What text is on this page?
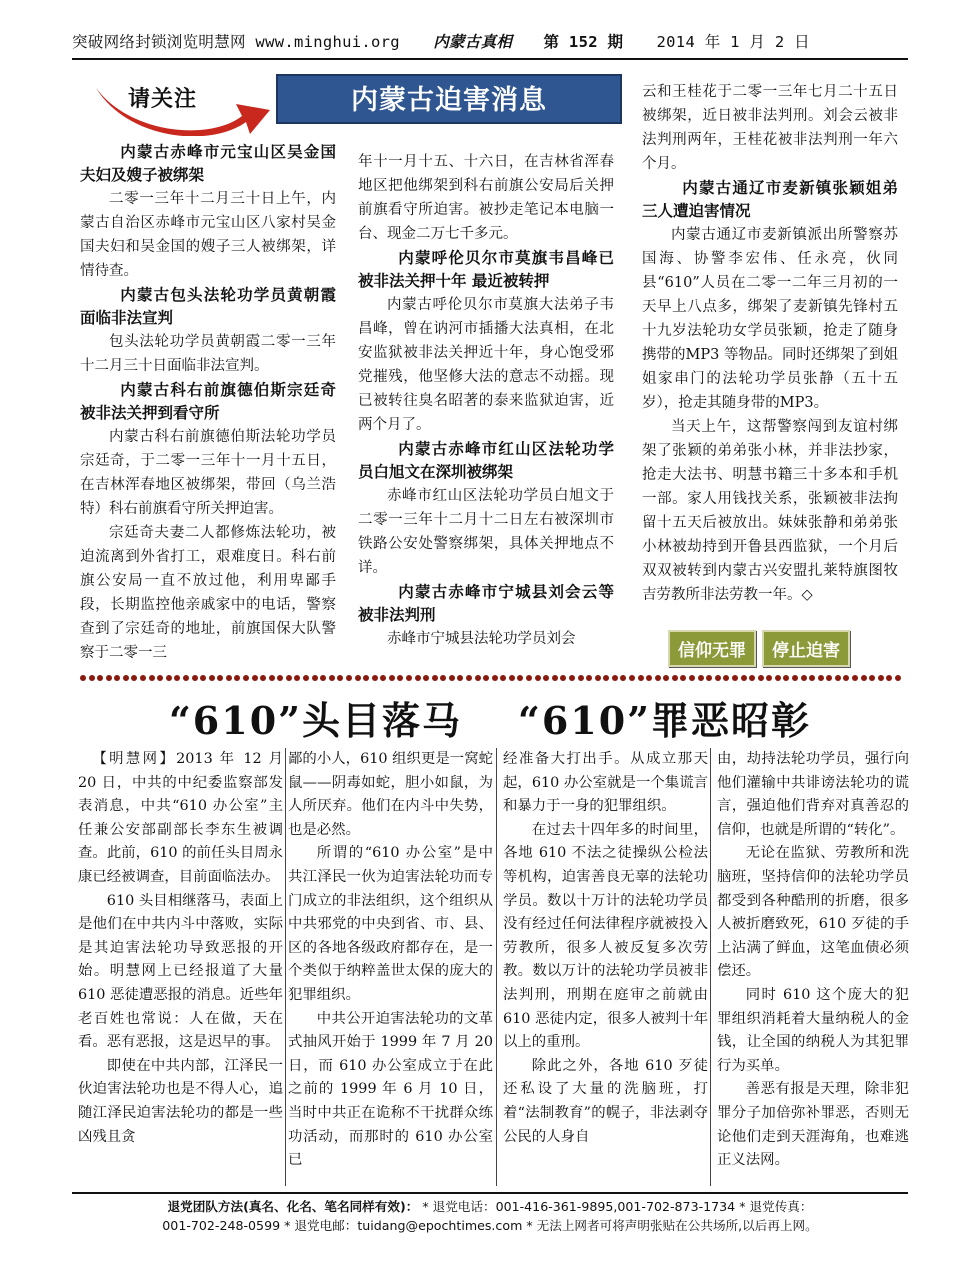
突破网络封锁浏览明慧网 www.minghui.org 内蒙古真相 第 152 期 2014 年 1 月 2 日
请关注	内蒙古迫害消息
内蒙古赤峰市元宝山区吴金国夫妇及嫂子被绑架

二零一三年十二月三十日上午，内蒙古自治区赤峰市元宝山区八家村吴金国夫妇和吴金国的嫂子三人被绑架，详情待查。

内蒙古包头法轮功学员黄朝霞面临非法宣判

包头法轮功学员黄朝霞二零一三年十二月三十日面临非法宣判。

内蒙古科右前旗德伯斯宗廷奇被非法关押到看守所

内蒙古科右前旗德伯斯法轮功学员宗廷奇，于二零一三年十一月十五日，在吉林浑春地区被绑架，带回（乌兰浩特）科右前旗看守所关押迫害。

宗廷奇夫妻二人都修炼法轮功，被迫流离到外省打工，艰难度日。科右前旗公安局一直不放过他，利用卑鄙手段，长期监控他亲戚家中的电话，警察查到了宗廷奇的地址，前旗国保大队警察于二零一三

年十一月十五、十六日，在吉林省浑春地区把他绑架到科右前旗公安局后关押前旗看守所迫害。被抄走笔记本电脑一台、现金二万七千多元。

内蒙呼伦贝尔市莫旗韦昌峰已被非法关押十年 最近被转押

内蒙古呼伦贝尔市莫旗大法弟子韦昌峰，曾在讷河市插播大法真相，在北安监狱被非法关押近十年，身心饱受邪党摧残，他坚修大法的意志不动摇。现已被转往臭名昭著的泰来监狱迫害，近两个月了。

内蒙古赤峰市红山区法轮功学员白旭文在深圳被绑架

赤峰市红山区法轮功学员白旭文于二零一三年十二月十二日左右被深圳市铁路公安处警察绑架，具体关押地点不详。

内蒙古赤峰市宁城县刘会云等被非法判刑

赤峰市宁城县法轮功学员刘会

云和王桂花于二零一三年七月二十五日被绑架，近日被非法判刑。刘会云被非法判刑两年，王桂花被非法判刑一年六个月。

内蒙古通辽市麦新镇张颖姐弟三人遭迫害情况

内蒙古通辽市麦新镇派出所警察苏国海、协警李宏伟、任永亮，伙同县“610”人员在二零一二年三月初的一天早上八点多，绑架了麦新镇先锋村五十九岁法轮功女学员张颖，抢走了随身携带的MP3 等物品。同时还绑架了到姐姐家串门的法轮功学员张静（五十五岁），抢走其随身带的MP3。

当天上午，这帮警察闯到友谊村绑架了张颖的弟弟张小林，并非法抄家，抢走大法书、明慧书籍三十多本和手机一部。家人用钱找关系，张颖被非法拘留十五天后被放出。妹妹张静和弟弟张小林被劫持到开鲁县西监狱，一个月后双双被转到内蒙古兴安盟扎莱特旗图牧吉劳教所非法劳教一年。◇

信仰无罪	停止迫害
“610”头目落马 “610”罪恶昭彰

【明慧网】2013 年 12 月 20 日，中共的中纪委监察部发表消息，中共“610 办公室”主任兼公安部副部长李东生被调查。此前，610 的前任头目周永康已经被调查，目前面临法办。

610 头目相继落马，表面上是他们在中共内斗中落败，实际是其迫害法轮功导致恶报的开始。明慧网上已经报道了大量 610 恶徒遭恶报的消息。近些年老百姓也常说：人在做，天在看。恶有恶报，这是迟早的事。

即使在中共内部，江泽民一伙迫害法轮功也是不得人心，追随江泽民迫害法轮功的都是一些凶残且贪

鄙的小人，610 组织更是一窝蛇鼠——阴毒如蛇，胆小如鼠，为人所厌弃。他们在内斗中失势，也是必然。

所谓的“610 办公室”是中共江泽民一伙为迫害法轮功而专门成立的非法组织，这个组织从中共邪党的中央到省、市、县、区的各地各级政府都存在，是一个类似于纳粹盖世太保的庞大的犯罪组织。

中共公开迫害法轮功的文革式抽风开始于 1999 年 7 月 20 日，而 610 办公室成立于在此之前的 1999 年 6 月 10 日，当时中共正在诡称不干扰群众练功活动，而那时的 610 办公室已

经准备大打出手。从成立那天起，610 办公室就是一个集谎言和暴力于一身的犯罪组织。

在过去十四年多的时间里，各地 610 不法之徒操纵公检法等机构，迫害善良无辜的法轮功学员。数以十万计的法轮功学员没有经过任何法律程序就被投入劳教所，很多人被反复多次劳教。数以万计的法轮功学员被非法判刑，刑期在庭审之前就由 610 恶徒内定，很多人被判十年以上的重刑。

除此之外，各地 610 歹徒还私设了大量的洗脑班，打着“法制教育”的幌子，非法剥夺公民的人身自

由，劫持法轮功学员，强行向他们灌输中共诽谤法轮功的谎言，强迫他们背弃对真善忍的信仰，也就是所谓的“转化”。

无论在监狱、劳教所和洗脑班，坚持信仰的法轮功学员都受到各种酷刑的折磨，很多人被折磨致死，610 歹徒的手上沾满了鲜血，这笔血债必须偿还。

同时 610 这个庞大的犯罪组织消耗着大量纳税人的金钱，让全国的纳税人为其犯罪行为买单。

善恶有报是天理，除非犯罪分子加倍弥补罪恶，否则无论他们走到天涯海角，也难逃正义法网。

退党团队方法(真名、化名、笔名同样有效)： * 退党电话：001-416-361-9895,001-702-873-1734 * 退党传真：
001-702-248-0599 * 退党电邮：tuidang@epochtimes.com * 无法上网者可将声明张贴在公共场所,以后再上网。
